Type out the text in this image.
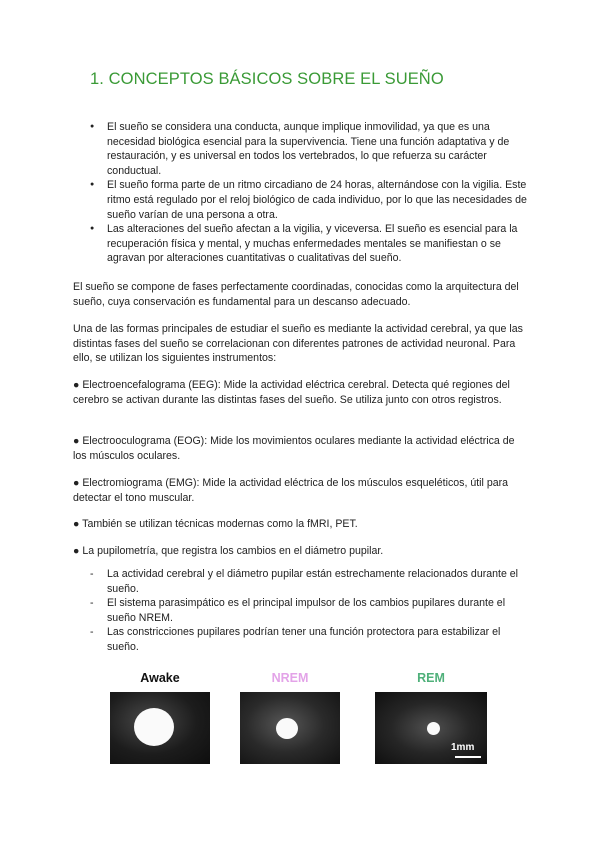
1. CONCEPTOS BÁSICOS SOBRE EL SUEÑO
● El sueño se considera una conducta, aunque implique inmovilidad, ya que es una necesidad biológica esencial para la supervivencia. Tiene una función adaptativa y de restauración, y es universal en todos los vertebrados, lo que refuerza su carácter conductual.
● El sueño forma parte de un ritmo circadiano de 24 horas, alternándose con la vigilia. Este ritmo está regulado por el reloj biológico de cada individuo, por lo que las necesidades de sueño varían de una persona a otra.
● Las alteraciones del sueño afectan a la vigilia, y viceversa. El sueño es esencial para la recuperación física y mental, y muchas enfermedades mentales se manifiestan o se agravan por alteraciones cuantitativas o cualitativas del sueño.

El sueño se compone de fases perfectamente coordinadas, conocidas como la arquitectura del sueño, cuya conservación es fundamental para un descanso adecuado.

Una de las formas principales de estudiar el sueño es mediante la actividad cerebral, ya que las distintas fases del sueño se correlacionan con diferentes patrones de actividad neuronal. Para ello, se utilizan los siguientes instrumentos:

● Electroencefalograma (EEG): Mide la actividad eléctrica cerebral. Detecta qué regiones del cerebro se activan durante las distintas fases del sueño. Se utiliza junto con otros registros.

● Electrooculograma (EOG): Mide los movimientos oculares mediante la actividad eléctrica de los músculos oculares.

● Electromiograma (EMG): Mide la actividad eléctrica de los músculos esqueléticos, útil para detectar el tono muscular.

● También se utilizan técnicas modernas como la fMRI, PET.

● La pupilometría, que registra los cambios en el diámetro pupilar.

- La actividad cerebral y el diámetro pupilar están estrechamente relacionados durante el sueño.
- El sistema parasimpático es el principal impulsor de los cambios pupilares durante el sueño NREM.
- Las constricciones pupilares podrían tener una función protectora para estabilizar el sueño.
Awake	NREM	REM
1mm
